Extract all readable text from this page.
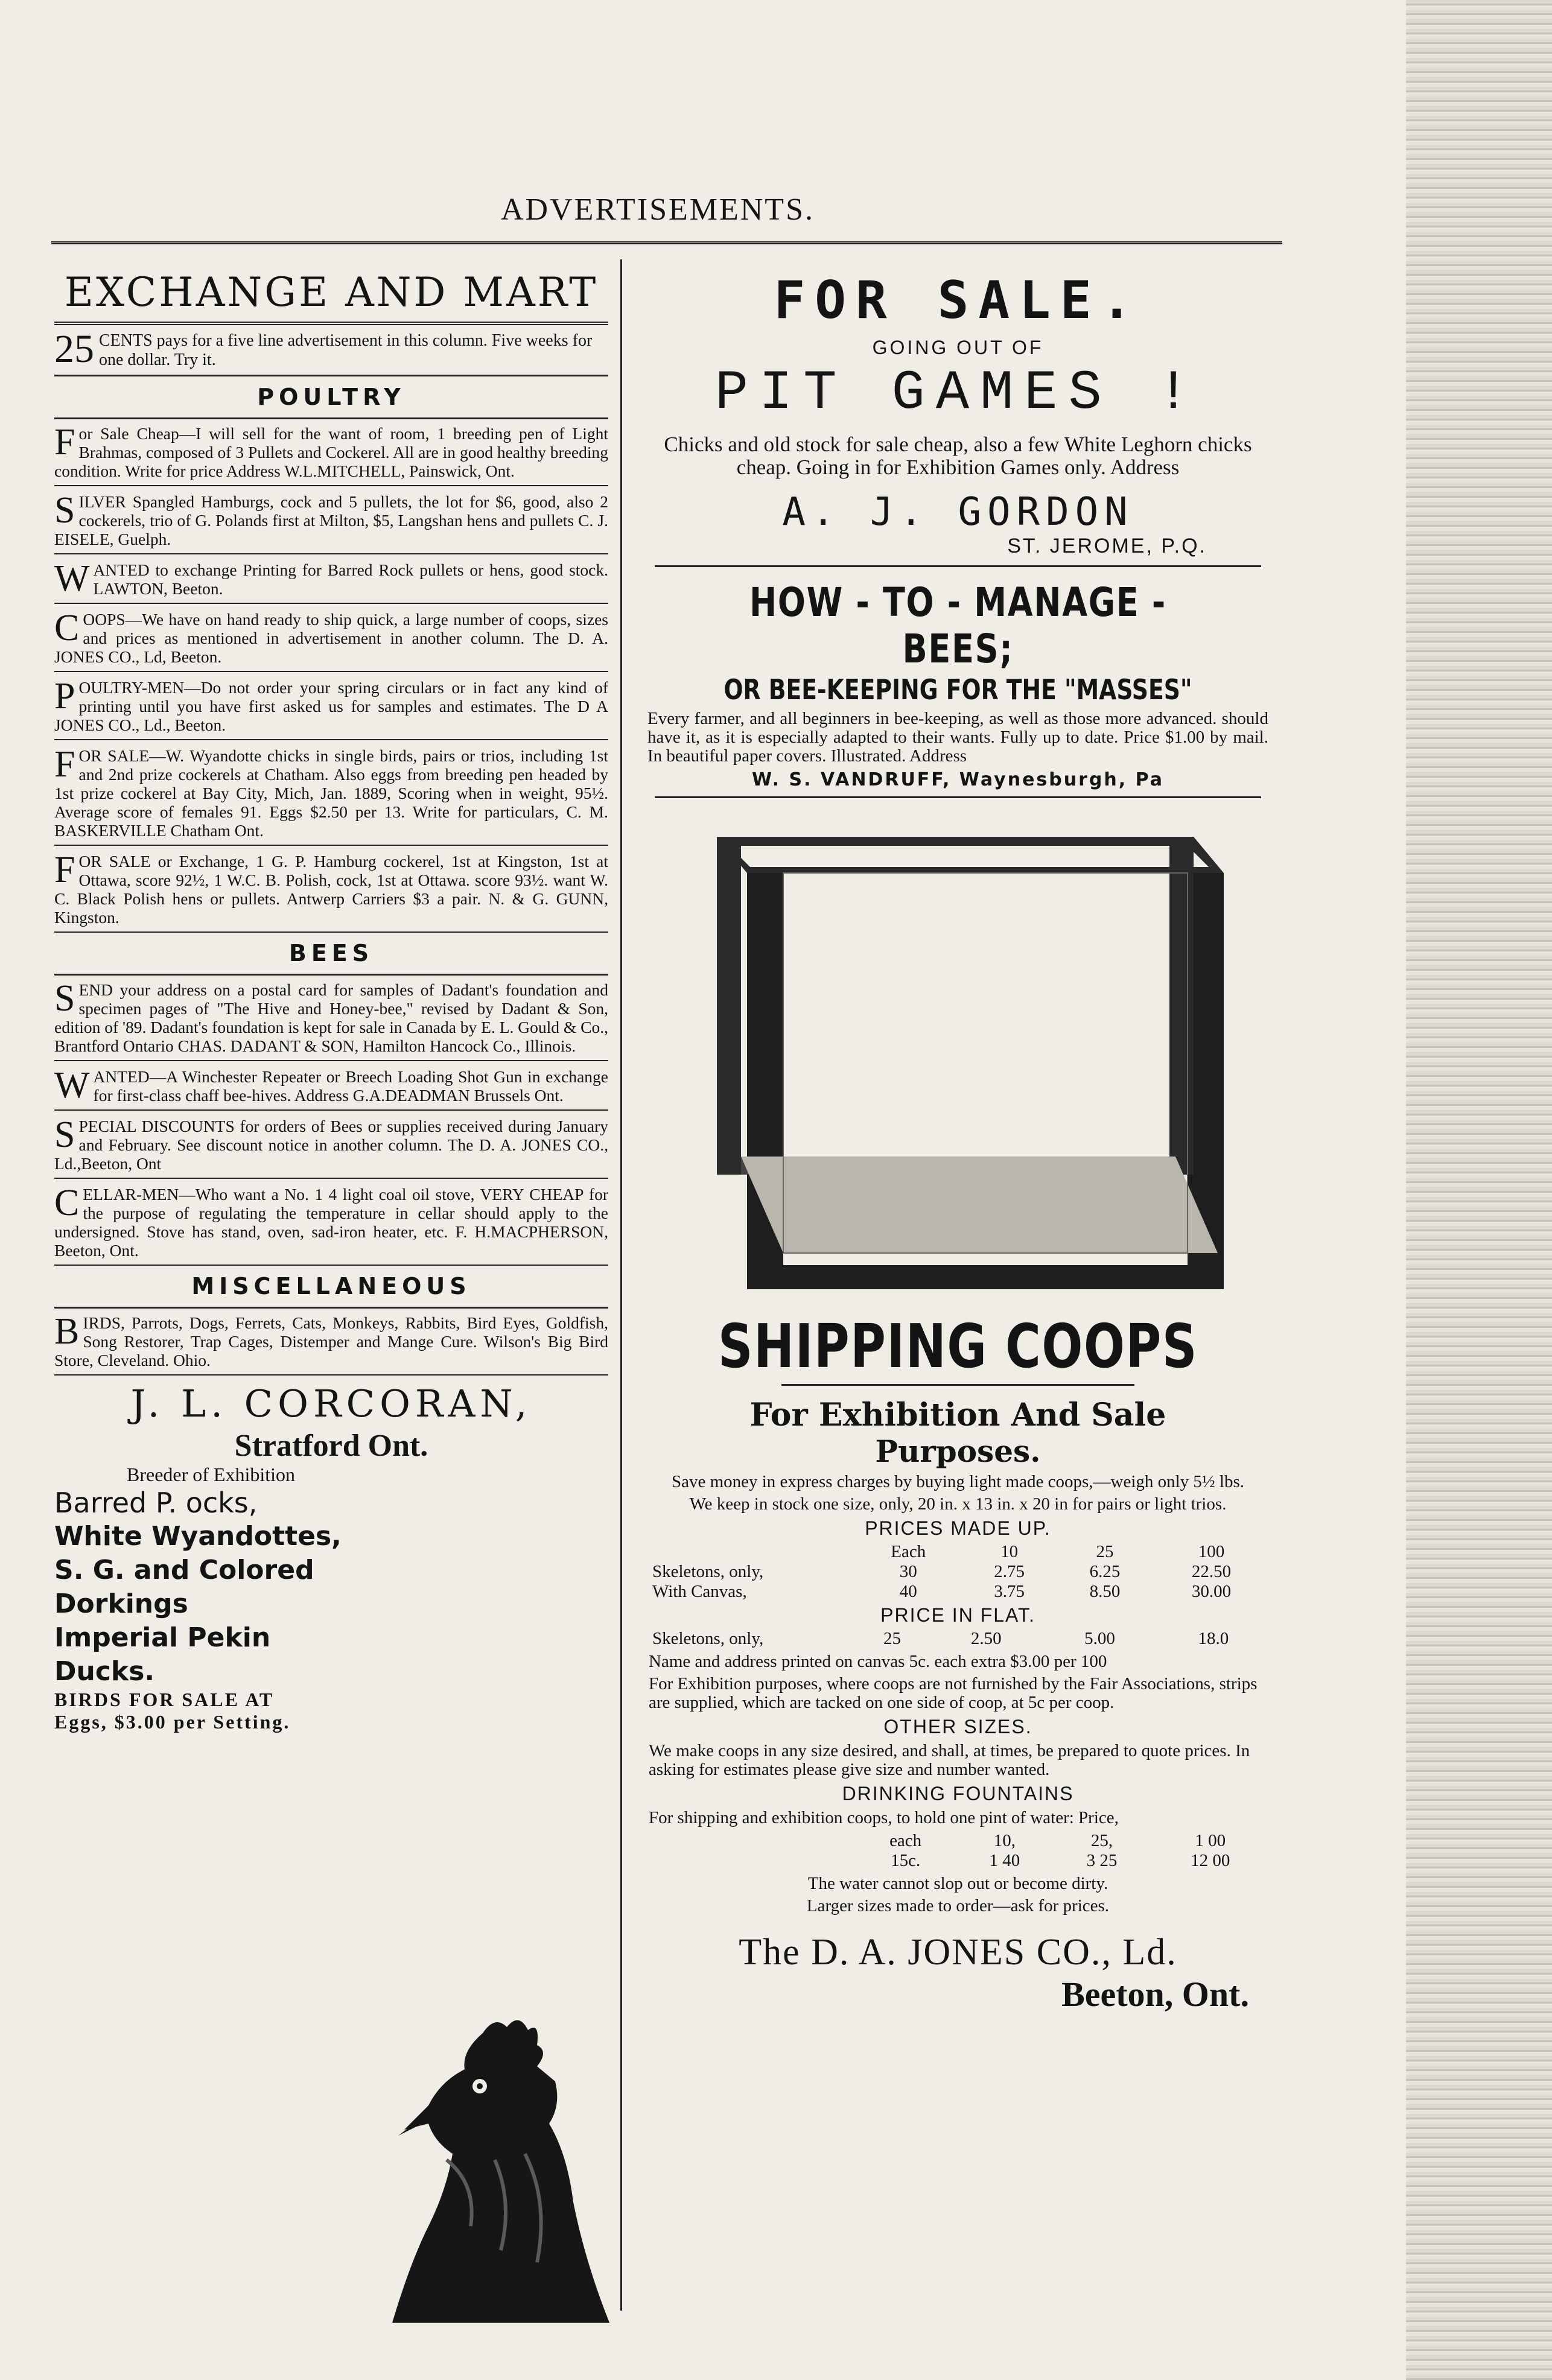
ADVERTISEMENTS.
EXCHANGE AND MART
25 CENTS pays for a five line advertisement in this column. Five weeks for one dollar. Try it.
POULTRY
For Sale Cheap—I will sell for the want of room, 1 breeding pen of Light Brahmas, composed of 3 Pullets and Cockerel. All are in good healthy breeding condition. Write for price Address W.L.MITCHELL, Painswick, Ont.
SILVER Spangled Hamburgs, cock and 5 pullets, the lot for $6, good, also 2 cockerels, trio of G. Polands first at Milton, $5, Langshan hens and pullets C. J. EISELE, Guelph.
WANTED to exchange Printing for Barred Rock pullets or hens, good stock. LAWTON, Beeton.
COOPS—We have on hand ready to ship quick, a large number of coops, sizes and prices as mentioned in advertisement in another column. The D. A. JONES CO., Ld, Beeton.
POULTRY-MEN—Do not order your spring circulars or in fact any kind of printing until you have first asked us for samples and estimates. The D A JONES CO., Ld., Beeton.
FOR SALE—W. Wyandotte chicks in single birds, pairs or trios, including 1st and 2nd prize cockerels at Chatham. Also eggs from breeding pen headed by 1st prize cockerel at Bay City, Mich, Jan. 1889, Scoring when in weight, 95½. Average score of females 91. Eggs $2.50 per 13. Write for particulars, C. M. BASKERVILLE Chatham Ont.
FOR SALE or Exchange, 1 G. P. Hamburg cockerel, 1st at Kingston, 1st at Ottawa, score 92½, 1 W.C. B. Polish, cock, 1st at Ottawa. score 93½. want W. C. Black Polish hens or pullets. Antwerp Carriers $3 a pair. N. & G. GUNN, Kingston.
BEES
SEND your address on a postal card for samples of Dadant's foundation and specimen pages of "The Hive and Honey-bee," revised by Dadant & Son, edition of '89. Dadant's foundation is kept for sale in Canada by E. L. Gould & Co., Brantford Ontario CHAS. DADANT & SON, Hamilton Hancock Co., Illinois.
WANTED—A Winchester Repeater or Breech Loading Shot Gun in exchange for first-class chaff bee-hives. Address G.A.DEADMAN Brussels Ont.
SPECIAL DISCOUNTS for orders of Bees or supplies received during January and February. See discount notice in another column. The D. A. JONES CO., Ld.,Beeton, Ont
CELLAR-MEN—Who want a No. 1 4 light coal oil stove, VERY CHEAP for the purpose of regulating the temperature in cellar should apply to the undersigned. Stove has stand, oven, sad-iron heater, etc. F. H.MACPHERSON, Beeton, Ont.
MISCELLANEOUS
BIRDS, Parrots, Dogs, Ferrets, Cats, Monkeys, Rabbits, Bird Eyes, Goldfish, Song Restorer, Trap Cages, Distemper and Mange Cure. Wilson's Big Bird Store, Cleveland. Ohio.
J. L. CORCORAN,
Stratford Ont.
Breeder of Exhibition
Barred P. ocks,
White Wyandottes,
S. G. and Colored Dorkings
Imperial Pekin Ducks.
BIRDS FOR SALE AT
Eggs, $3.00 per Setting.
FOR SALE.
GOING OUT OF
PIT GAMES !
Chicks and old stock for sale cheap, also a few White Leghorn chicks cheap. Going in for Exhibition Games only. Address
A. J. GORDON
ST. JEROME, P.Q.
HOW - TO - MANAGE - BEES;
OR BEE-KEEPING FOR THE "MASSES"
Every farmer, and all beginners in bee-keeping, as well as those more advanced. should have it, as it is especially adapted to their wants. Fully up to date. Price $1.00 by mail. In beautiful paper covers. Illustrated. Address
W. S. VANDRUFF, Waynesburgh, Pa
SHIPPING COOPS
For Exhibition And Sale
Purposes.
Save money in express charges by buying light made coops,—weigh only 5½ lbs.
We keep in stock one size, only, 20 in. x 13 in. x 20 in for pairs or light trios.
PRICES MADE UP.
	Each	10	25	100
Skeletons, only,	30	2.75	6.25	22.50
With Canvas,	40	3.75	8.50	30.00
PRICE IN FLAT.
Skeletons, only,	25	2.50	5.00	18.0
Name and address printed on canvas 5c. each extra $3.00 per 100
For Exhibition purposes, where coops are not furnished by the Fair Associations, strips are supplied, which are tacked on one side of coop, at 5c per coop.
OTHER SIZES.
We make coops in any size desired, and shall, at times, be prepared to quote prices. In asking for estimates please give size and number wanted.
DRINKING FOUNTAINS
For shipping and exhibition coops, to hold one pint of water: Price,
	each	10,	25,	1 00
	15c.	1 40	3 25	12 00
The water cannot slop out or become dirty.
Larger sizes made to order—ask for prices.
The D. A. JONES CO., Ld.
Beeton, Ont.
